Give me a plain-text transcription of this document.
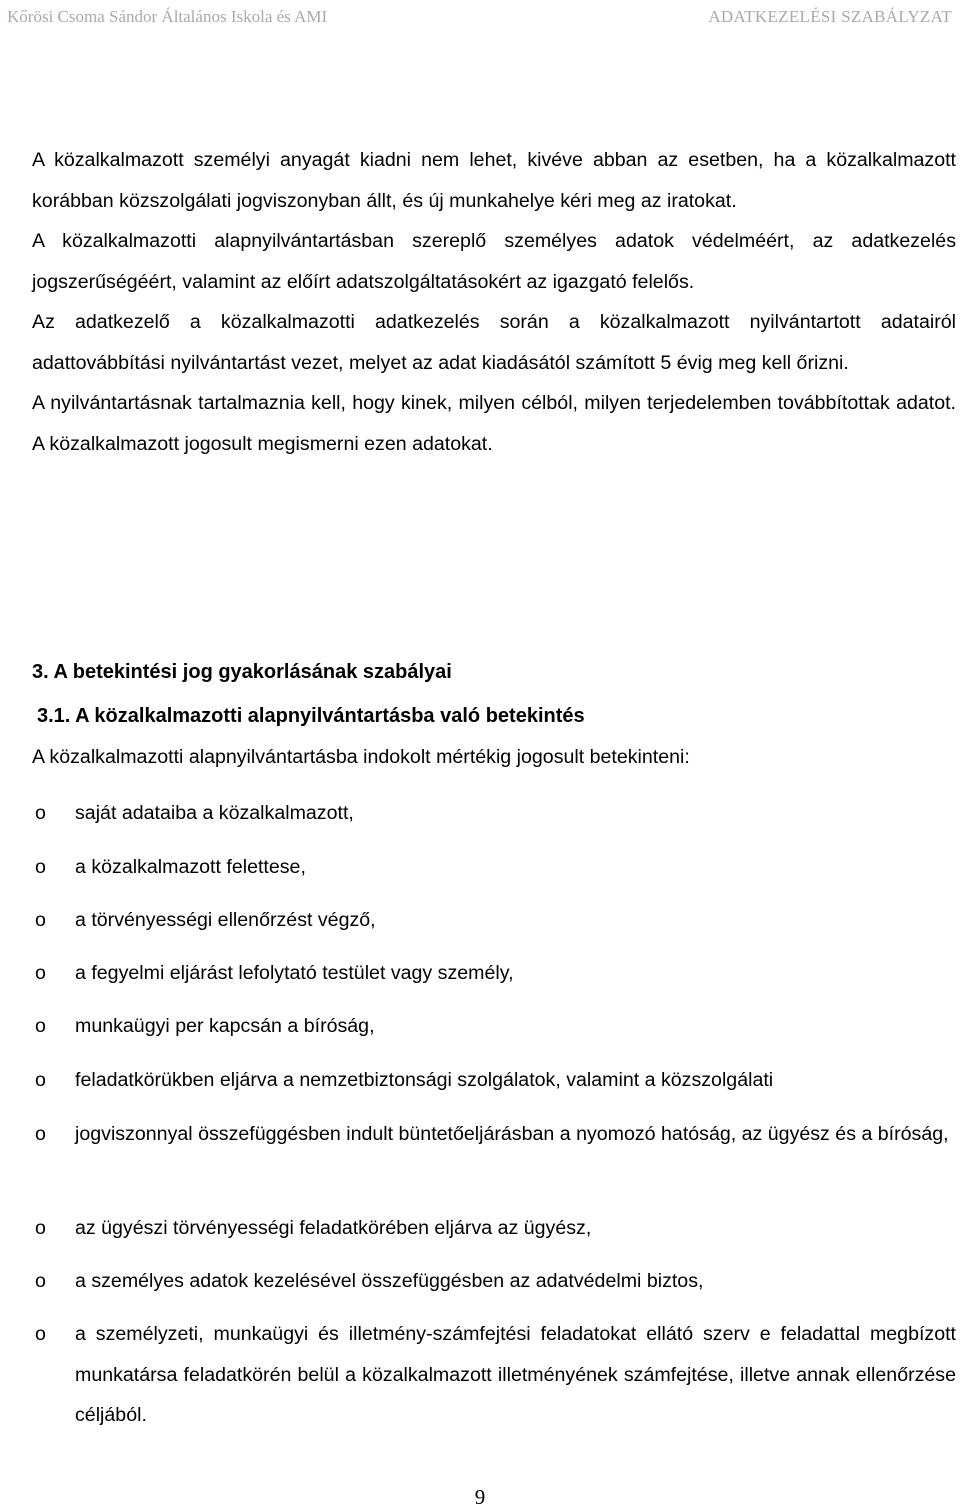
Kőrösi Csoma Sándor Általános Iskola és AMI	ADATKEZELÉSI SZABÁLYZAT

A közalkalmazott személyi anyagát kiadni nem lehet, kivéve abban az esetben, ha a közalkalmazott korábban közszolgálati jogviszonyban állt, és új munkahelye kéri meg az iratokat.

A közalkalmazotti alapnyilvántartásban szereplő személyes adatok védelméért, az adatkezelés jogszerűségéért, valamint az előírt adatszolgáltatásokért az igazgató felelős.

Az adatkezelő a közalkalmazotti adatkezelés során a közalkalmazott nyilvántartott adatairól adattovábbítási nyilvántartást vezet, melyet az adat kiadásától számított 5 évig meg kell őrizni.

A nyilvántartásnak tartalmaznia kell, hogy kinek, milyen célból, milyen terjedelemben továbbítottak adatot. A közalkalmazott jogosult megismerni ezen adatokat.

3. A betekintési jog gyakorlásának szabályai
3.1. A közalkalmazotti alapnyilvántartásba való betekintés
A közalkalmazotti alapnyilvántartásba indokolt mértékig jogosult betekinteni:
o saját adataiba a közalkalmazott,
o a közalkalmazott felettese,
o a törvényességi ellenőrzést végző,
o a fegyelmi eljárást lefolytató testület vagy személy,
o munkaügyi per kapcsán a bíróság,
o feladatkörükben eljárva a nemzetbiztonsági szolgálatok, valamint a közszolgálati
o jogviszonnyal összefüggésben indult büntetőeljárásban a nyomozó hatóság, az ügyész és a bíróság,
o az ügyészi törvényességi feladatkörében eljárva az ügyész,
o a személyes adatok kezelésével összefüggésben az adatvédelmi biztos,
o a személyzeti, munkaügyi és illetmény-számfejtési feladatokat ellátó szerv e feladattal megbízott munkatársa feladatkörén belül a közalkalmazott illetményének számfejtése, illetve annak ellenőrzése céljából.
9
